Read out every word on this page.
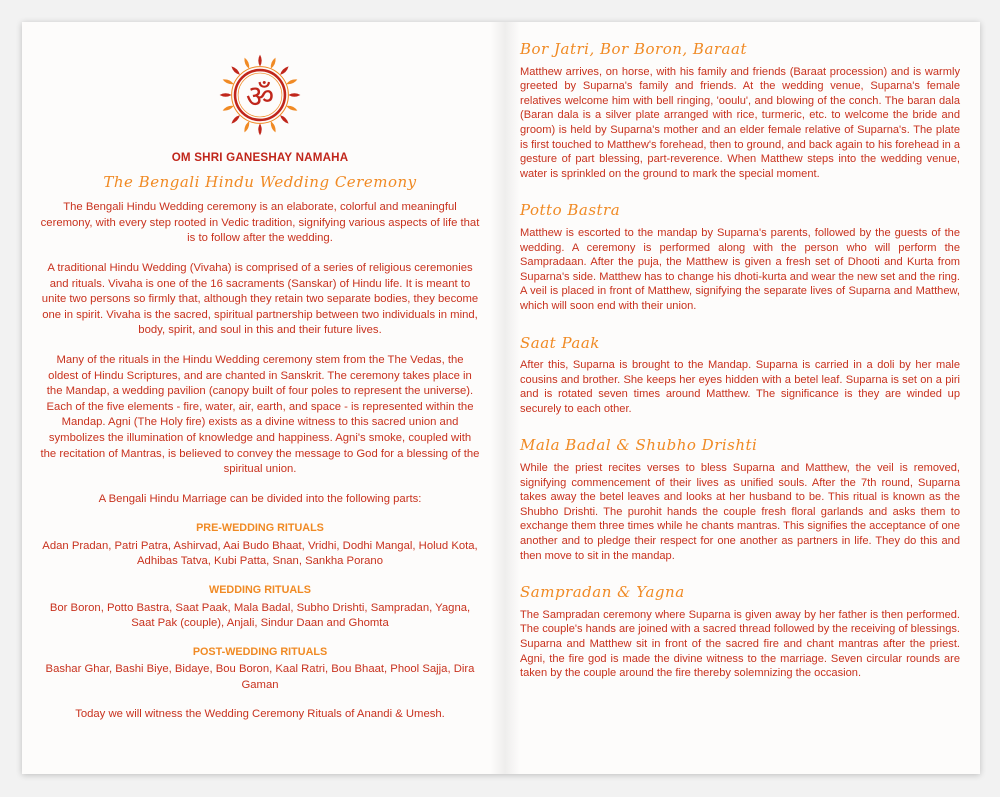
ॐ
OM SHRI GANESHAY NAMAHA
The Bengali Hindu Wedding Ceremony

The Bengali Hindu Wedding ceremony is an elaborate, colorful and meaningful ceremony, with every step rooted in Vedic tradition, signifying various aspects of life that is to follow after the wedding.

A traditional Hindu Wedding (Vivaha) is comprised of a series of religious ceremonies and rituals. Vivaha is one of the 16 sacraments (Sanskar) of Hindu life. It is meant to unite two persons so firmly that, although they retain two separate bodies, they become one in spirit. Vivaha is the sacred, spiritual partnership between two individuals in mind, body, spirit, and soul in this and their future lives.

Many of the rituals in the Hindu Wedding ceremony stem from the The Vedas, the oldest of Hindu Scriptures, and are chanted in Sanskrit. The ceremony takes place in the Mandap, a wedding pavilion (canopy built of four poles to represent the universe). Each of the five elements - fire, water, air, earth, and space - is represented within the Mandap. Agni (The Holy fire) exists as a divine witness to this sacred union and symbolizes the illumination of knowledge and happiness. Agni's smoke, coupled with the recitation of Mantras, is believed to convey the message to God for a blessing of the spiritual union.

A Bengali Hindu Marriage can be divided into the following parts:

PRE-WEDDING RITUALS
Adan Pradan, Patri Patra, Ashirvad, Aai Budo Bhaat, Vridhi, Dodhi Mangal, Holud Kota, Adhibas Tatva, Kubi Patta, Snan, Sankha Porano
WEDDING RITUALS
Bor Boron, Potto Bastra, Saat Paak, Mala Badal, Subho Drishti, Sampradan, Yagna, Saat Pak (couple), Anjali, Sindur Daan and Ghomta
POST-WEDDING RITUALS
Bashar Ghar, Bashi Biye, Bidaye, Bou Boron, Kaal Ratri, Bou Bhaat, Phool Sajja, Dira Gaman
Today we will witness the Wedding Ceremony Rituals of Anandi & Umesh.
Bor Jatri, Bor Boron, Baraat

Matthew arrives, on horse, with his family and friends (Baraat procession) and is warmly greeted by Suparna's family and friends. At the wedding venue, Suparna's female relatives welcome him with bell ringing, 'ooulu', and blowing of the conch. The baran dala (Baran dala is a silver plate arranged with rice, turmeric, etc. to welcome the bride and groom) is held by Suparna's mother and an elder female relative of Suparna's. The plate is first touched to Matthew's forehead, then to ground, and back again to his forehead in a gesture of part blessing, part-reverence. When Matthew steps into the wedding venue, water is sprinkled on the ground to mark the special moment.

Potto Bastra

Matthew is escorted to the mandap by Suparna's parents, followed by the guests of the wedding. A ceremony is performed along with the person who will perform the Sampradaan. After the puja, the Matthew is given a fresh set of Dhooti and Kurta from Suparna's side. Matthew has to change his dhoti-kurta and wear the new set and the ring. A veil is placed in front of Matthew, signifying the separate lives of Suparna and Matthew, which will soon end with their union.

Saat Paak

After this, Suparna is brought to the Mandap. Suparna is carried in a doli by her male cousins and brother. She keeps her eyes hidden with a betel leaf. Suparna is set on a piri and is rotated seven times around Matthew. The significance is they are winded up securely to each other.

Mala Badal & Shubho Drishti

While the priest recites verses to bless Suparna and Matthew, the veil is removed, signifying commencement of their lives as unified souls. After the 7th round, Suparna takes away the betel leaves and looks at her husband to be. This ritual is known as the Shubho Drishti. The purohit hands the couple fresh floral garlands and asks them to exchange them three times while he chants mantras. This signifies the acceptance of one another and to pledge their respect for one another as partners in life. They do this and then move to sit in the mandap.

Sampradan & Yagna

The Sampradan ceremony where Suparna is given away by her father is then performed. The couple's hands are joined with a sacred thread followed by the receiving of blessings. Suparna and Matthew sit in front of the sacred fire and chant mantras after the priest. Agni, the fire god is made the divine witness to the marriage. Seven circular rounds are taken by the couple around the fire thereby solemnizing the occasion.
